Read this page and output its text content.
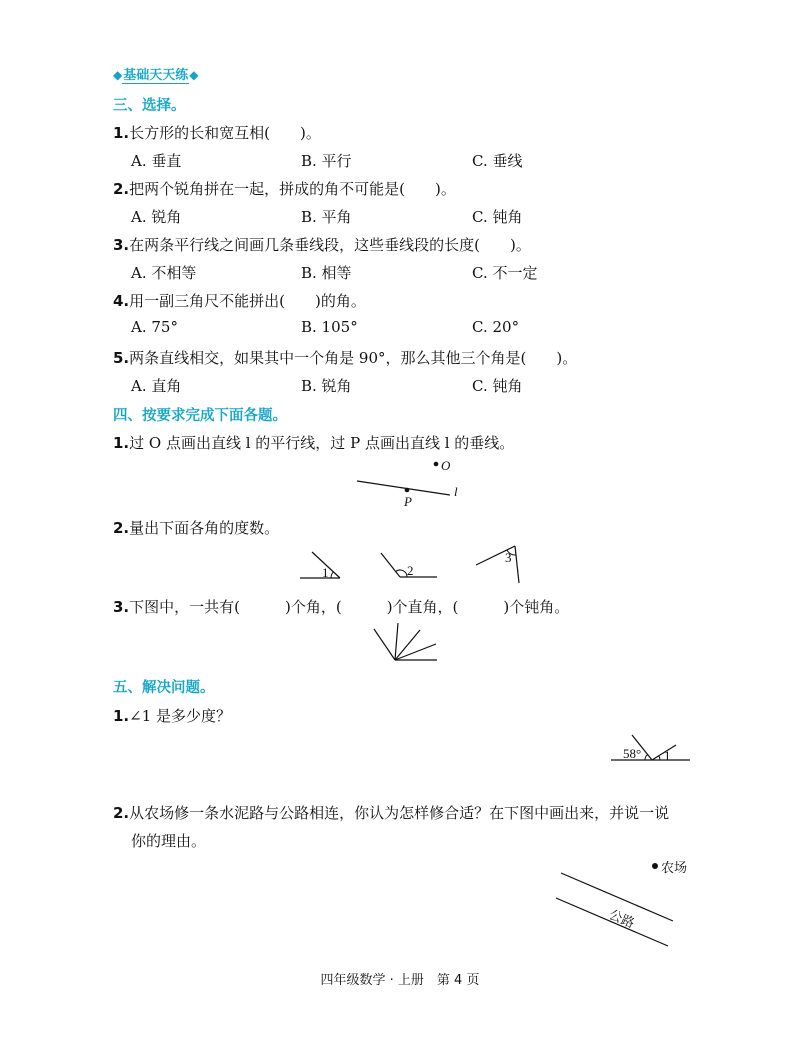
◆基础天天练◆
三、选择。
1.长方形的长和宽互相(　　)。
A. 垂直	B. 平行	C. 垂线
2.把两个锐角拼在一起，拼成的角不可能是(　　)。
A. 锐角	B. 平角	C. 钝角
3.在两条平行线之间画几条垂线段，这些垂线段的长度(　　)。
A. 不相等	B. 相等	C. 不一定
4.用一副三角尺不能拼出(　　)的角。
A. 75°	B. 105°	C. 20°
5.两条直线相交，如果其中一个角是 90°，那么其他三个角是(　　)。
A. 直角	B. 锐角	C. 钝角
四、按要求完成下面各题。
1.过 O 点画出直线 l 的平行线，过 P 点画出直线 l 的垂线。
O
P
l
2.量出下面各角的度数。
1	2
3
3.下图中，一共有(　　　)个角，(　　　)个直角，(　　　)个钝角。
五、解决问题。
1.∠1 是多少度？
58° 1
2.从农场修一条水泥路与公路相连，你认为怎样修合适？在下图中画出来，并说一说
你的理由。
农场
公路
四年级数学 · 上册　第 4 页
